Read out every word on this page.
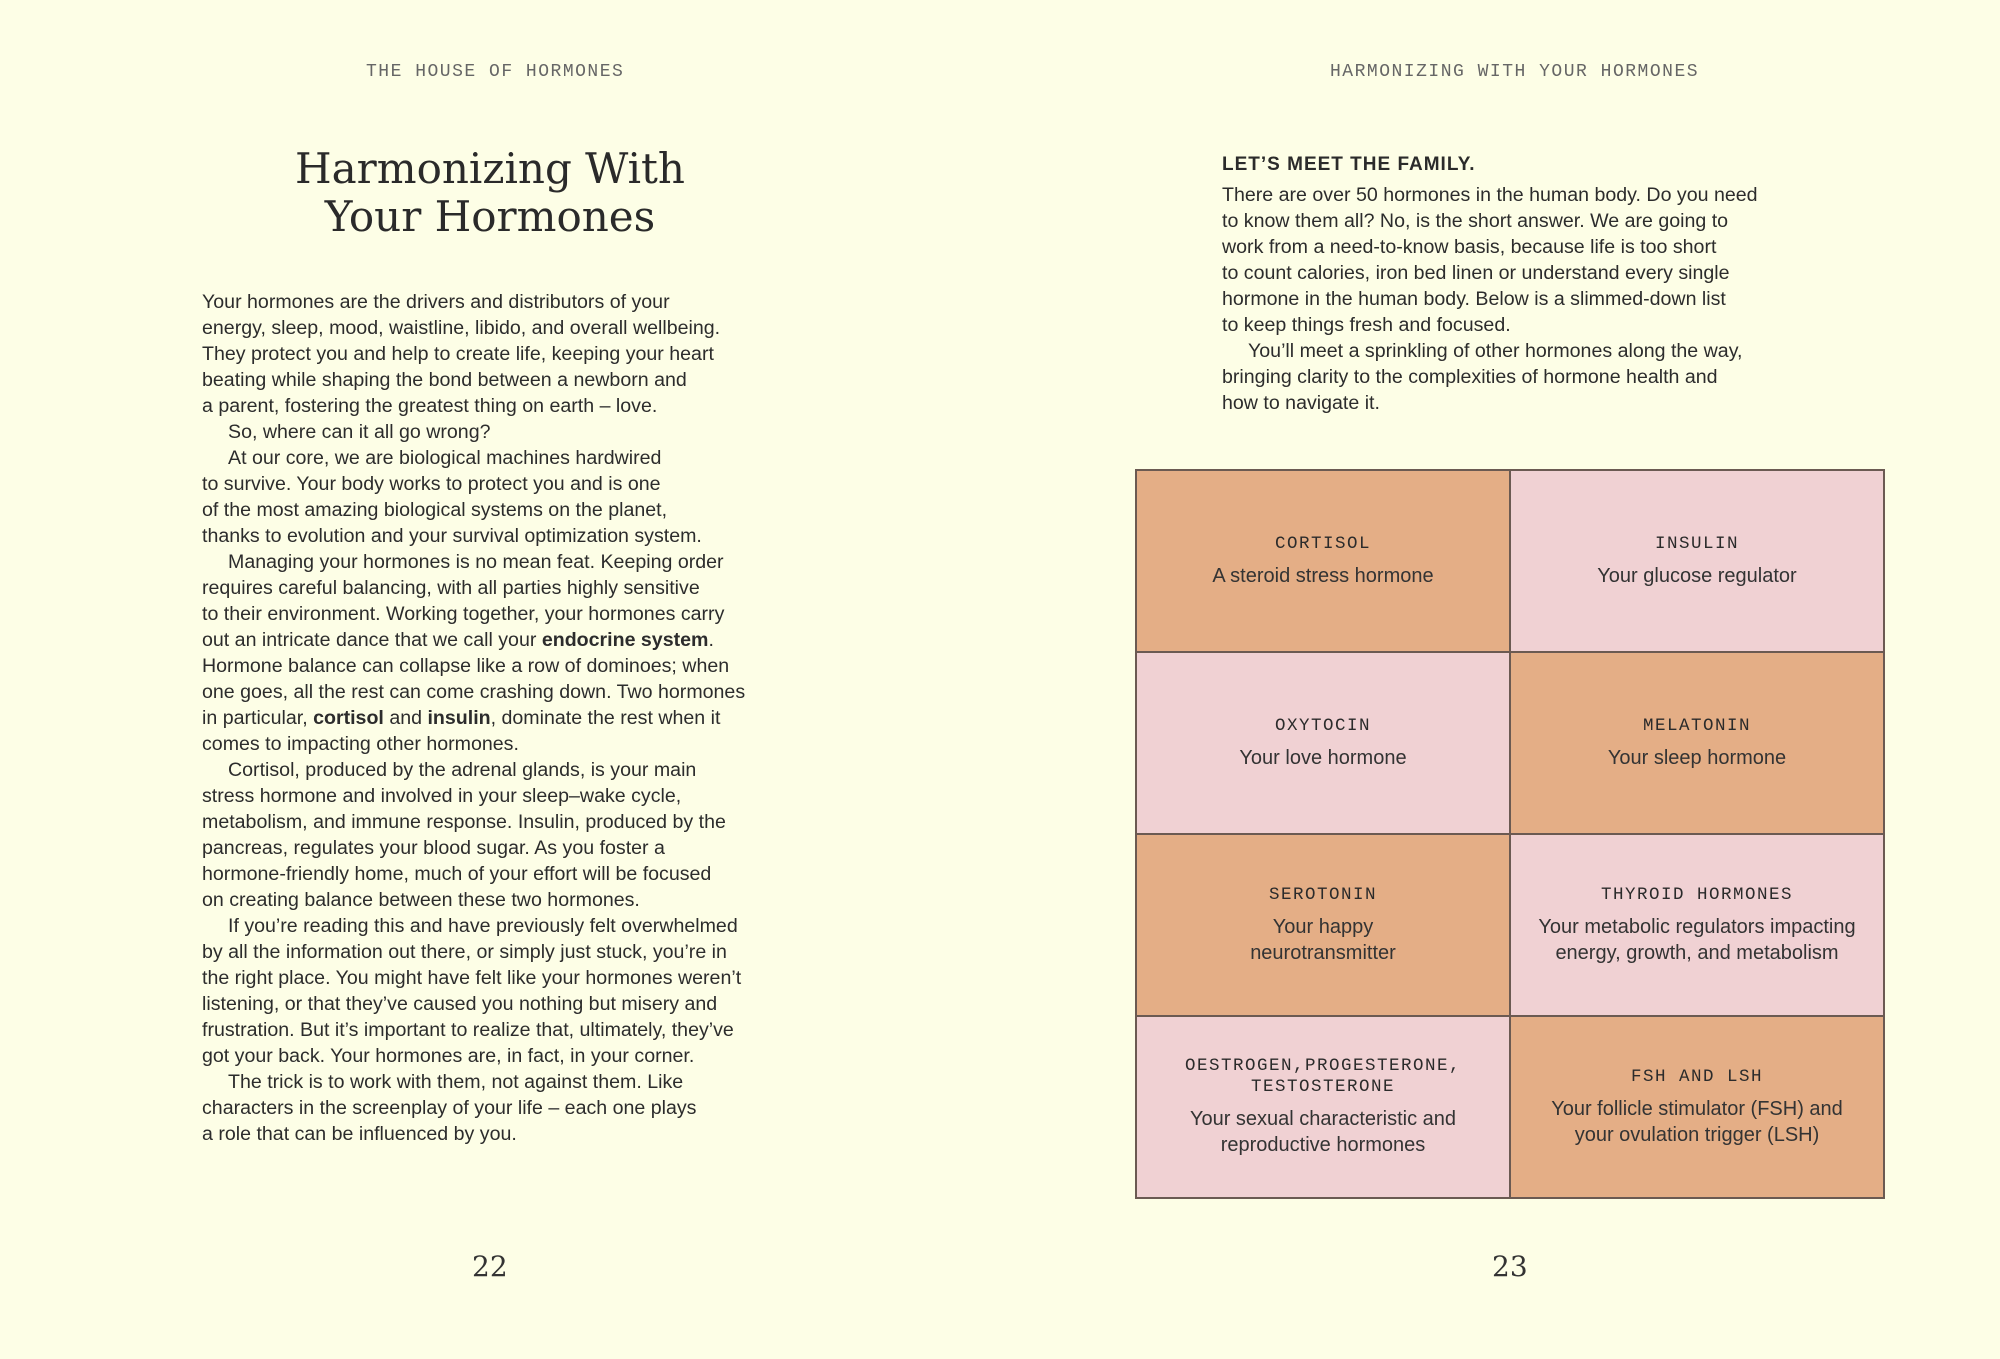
THE HOUSE OF HORMONES
Harmonizing With
Your Hormones

Your hormones are the drivers and distributors of your
energy, sleep, mood, waistline, libido, and overall wellbeing.
They protect you and help to create life, keeping your heart
beating while shaping the bond between a newborn and
a parent, fostering the greatest thing on earth – love.

So, where can it all go wrong?

At our core, we are biological machines hardwired
to survive. Your body works to protect you and is one
of the most amazing biological systems on the planet,
thanks to evolution and your survival optimization system.

Managing your hormones is no mean feat. Keeping order
requires careful balancing, with all parties highly sensitive
to their environment. Working together, your hormones carry
out an intricate dance that we call your endocrine system.
Hormone balance can collapse like a row of dominoes; when
one goes, all the rest can come crashing down. Two hormones
in particular, cortisol and insulin, dominate the rest when it
comes to impacting other hormones.

Cortisol, produced by the adrenal glands, is your main
stress hormone and involved in your sleep–wake cycle,
metabolism, and immune response. Insulin, produced by the
pancreas, regulates your blood sugar. As you foster a
hormone-friendly home, much of your effort will be focused
on creating balance between these two hormones.

If you’re reading this and have previously felt overwhelmed
by all the information out there, or simply just stuck, you’re in
the right place. You might have felt like your hormones weren’t
listening, or that they’ve caused you nothing but misery and
frustration. But it’s important to realize that, ultimately, they’ve
got your back. Your hormones are, in fact, in your corner.

The trick is to work with them, not against them. Like
characters in the screenplay of your life – each one plays
a role that can be influenced by you.

22
HARMONIZING WITH YOUR HORMONES
LET’S MEET THE FAMILY.
There are over 50 hormones in the human body. Do you need
to know them all? No, is the short answer. We are going to
work from a need-to-know basis, because life is too short
to count calories, iron bed linen or understand every single
hormone in the human body. Below is a slimmed-down list
to keep things fresh and focused.
You’ll meet a sprinkling of other hormones along the way,
bringing clarity to the complexities of hormone health and
how to navigate it.
CORTISOL
A steroid stress hormone
INSULIN
Your glucose regulator
OXYTOCIN
Your love hormone
MELATONIN
Your sleep hormone
SEROTONIN
Your happy neurotransmitter
THYROID HORMONES
Your metabolic regulators impacting energy, growth, and metabolism
OESTROGEN,PROGESTERONE, TESTOSTERONE
Your sexual characteristic and reproductive hormones
FSH AND LSH
Your follicle stimulator (FSH) and your ovulation trigger (LSH)
23
